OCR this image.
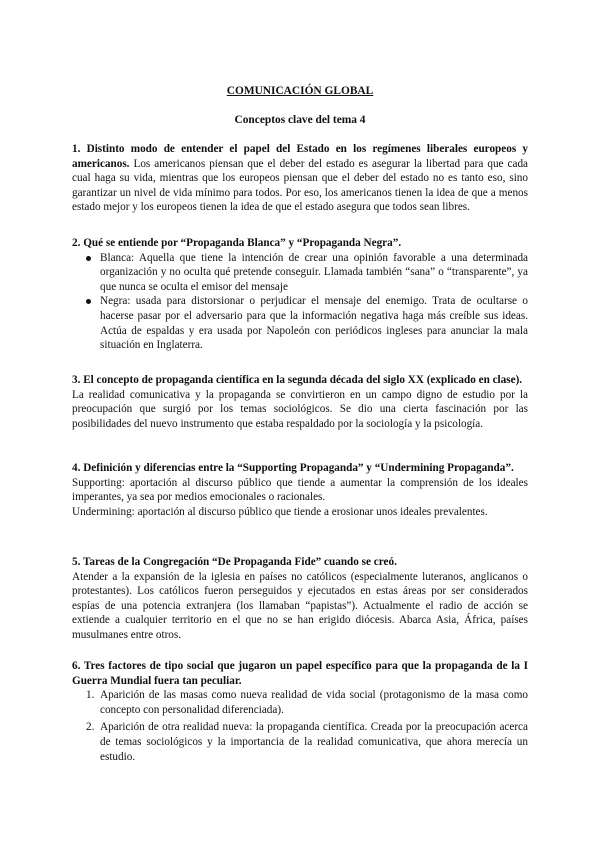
COMUNICACIÓN GLOBAL
Conceptos clave del tema 4
1. Distinto modo de entender el papel del Estado en los regímenes liberales europeos y americanos. Los americanos piensan que el deber del estado es asegurar la libertad para que cada cual haga su vida, mientras que los europeos piensan que el deber del estado no es tanto eso, sino garantizar un nivel de vida mínimo para todos. Por eso, los americanos tienen la idea de que a menos estado mejor y los europeos tienen la idea de que el estado asegura que todos sean libres.
2. Qué se entiende por “Propaganda Blanca” y “Propaganda Negra”.
Blanca: Aquella que tiene la intención de crear una opinión favorable a una determinada organización y no oculta qué pretende conseguir. Llamada también “sana” o “transparente”, ya que nunca se oculta el emisor del mensaje
Negra: usada para distorsionar o perjudicar el mensaje del enemigo. Trata de ocultarse o hacerse pasar por el adversario para que la información negativa haga más creíble sus ideas. Actúa de espaldas y era usada por Napoleón con periódicos ingleses para anunciar la mala situación en Inglaterra.
3. El concepto de propaganda científica en la segunda década del siglo XX (explicado en clase).
La realidad comunicativa y la propaganda se convirtieron en un campo digno de estudio por la preocupación que surgió por los temas sociológicos. Se dio una cierta fascinación por las posibilidades del nuevo instrumento que estaba respaldado por la sociología y la psicología.
4. Definición y diferencias entre la “Supporting Propaganda” y “Undermining Propaganda”.
Supporting: aportación al discurso público que tiende a aumentar la comprensión de los ideales imperantes, ya sea por medios emocionales o racionales.
Undermining: aportación al discurso público que tiende a erosionar unos ideales prevalentes.
5. Tareas de la Congregación “De Propaganda Fide” cuando se creó.
Atender a la expansión de la iglesia en países no católicos (especialmente luteranos, anglicanos o protestantes). Los católicos fueron perseguidos y ejecutados en estas áreas por ser considerados espías de una potencia extranjera (los llamaban “papistas”). Actualmente el radio de acción se extiende a cualquier territorio en el que no se han erigido diócesis. Abarca Asia, África, países musulmanes entre otros.
6. Tres factores de tipo social que jugaron un papel específico para que la propaganda de la I Guerra Mundial fuera tan peculiar.
1. Aparición de las masas como nueva realidad de vida social (protagonismo de la masa como concepto con personalidad diferenciada).
2. Aparición de otra realidad nueva: la propaganda científica. Creada por la preocupación acerca de temas sociológicos y la importancia de la realidad comunicativa, que ahora merecía un estudio.
